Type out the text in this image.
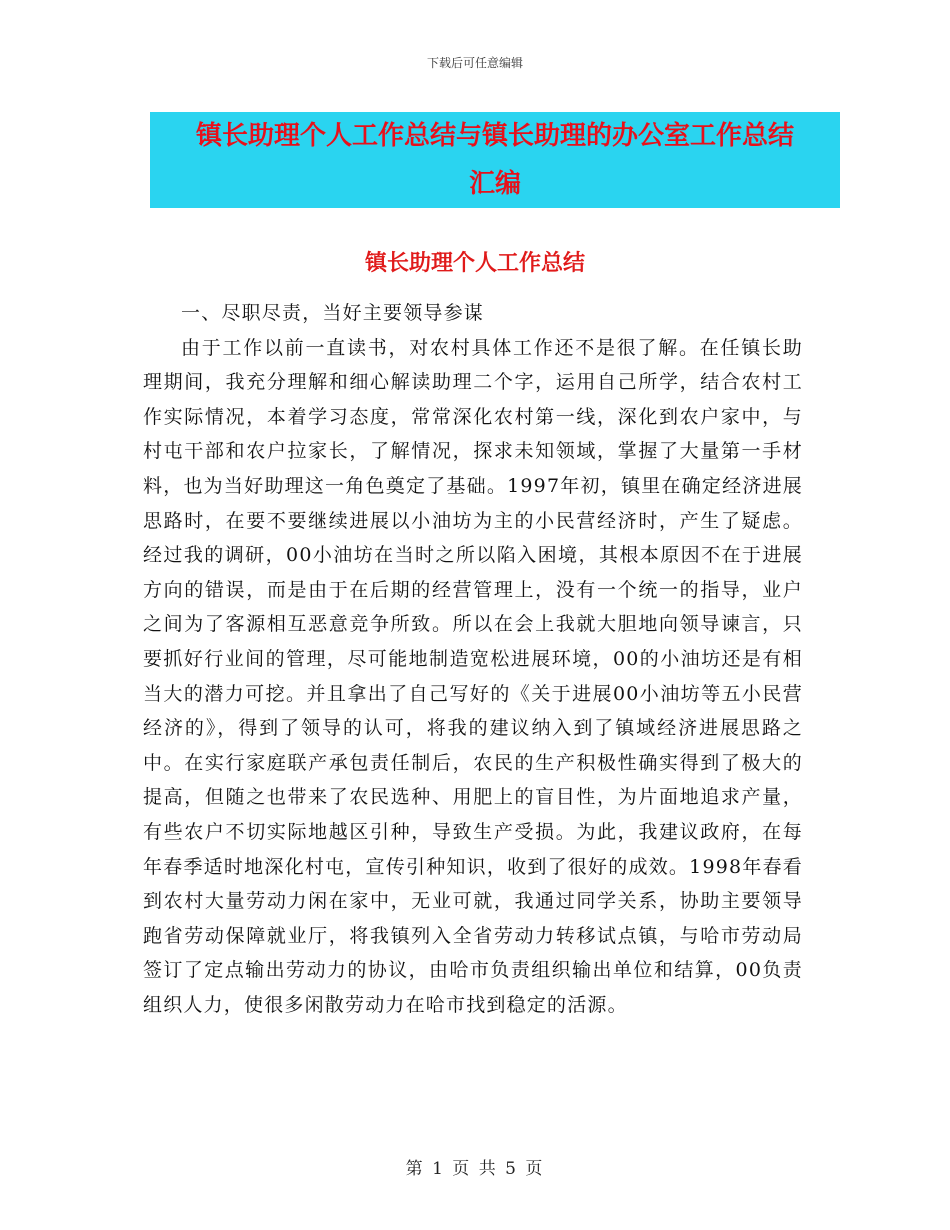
下载后可任意编辑
镇长助理个人工作总结与镇长助理的办公室工作总结
汇编
镇长助理个人工作总结

一、尽职尽责，当好主要领导参谋

由于工作以前一直读书，对农村具体工作还不是很了解。在任镇长助理期间，我充分理解和细心解读助理二个字，运用自己所学，结合农村工作实际情况，本着学习态度，常常深化农村第一线，深化到农户家中，与村屯干部和农户拉家长，了解情况，探求未知领域，掌握了大量第一手材料，也为当好助理这一角色奠定了基础。1997年初，镇里在确定经济进展思路时，在要不要继续进展以小油坊为主的小民营经济时，产生了疑虑。经过我的调研，00小油坊在当时之所以陷入困境，其根本原因不在于进展方向的错误，而是由于在后期的经营管理上，没有一个统一的指导，业户之间为了客源相互恶意竞争所致。所以在会上我就大胆地向领导谏言，只要抓好行业间的管理，尽可能地制造宽松进展环境，00的小油坊还是有相当大的潜力可挖。并且拿出了自己写好的《关于进展00小油坊等五小民营经济的》，得到了领导的认可，将我的建议纳入到了镇域经济进展思路之中。在实行家庭联产承包责任制后，农民的生产积极性确实得到了极大的提高，但随之也带来了农民选种、用肥上的盲目性，为片面地追求产量，有些农户不切实际地越区引种，导致生产受损。为此，我建议政府，在每年春季适时地深化村屯，宣传引种知识，收到了很好的成效。1998年春看到农村大量劳动力闲在家中，无业可就，我通过同学关系，协助主要领导跑省劳动保障就业厅，将我镇列入全省劳动力转移试点镇，与哈市劳动局签订了定点输出劳动力的协议，由哈市负责组织输出单位和结算，00负责组织人力，使很多闲散劳动力在哈市找到稳定的活源。

第 1 页 共 5 页
